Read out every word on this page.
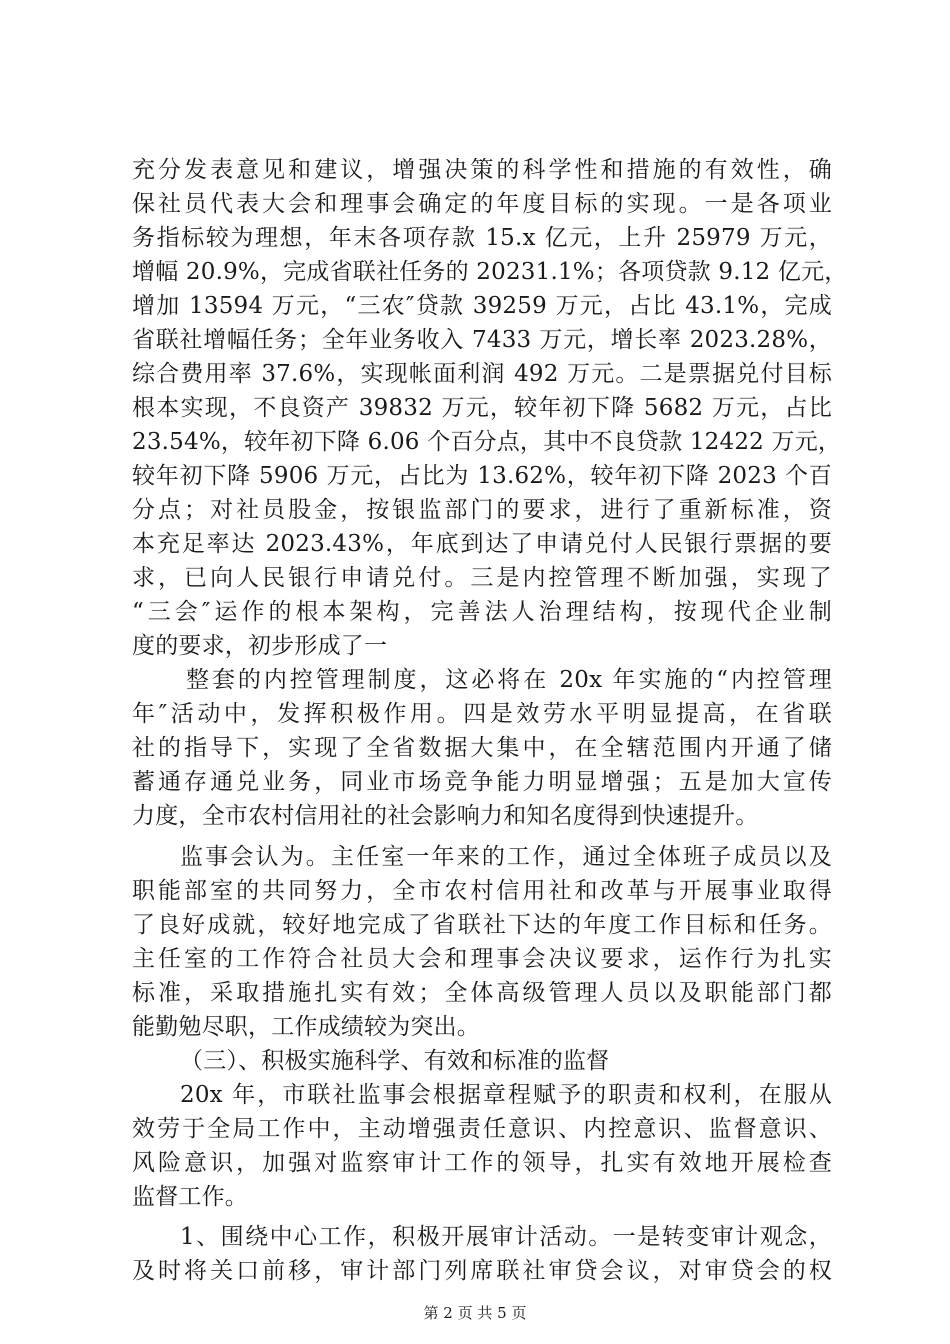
充分发表意见和建议，增强决策的科学性和措施的有效性，确
保社员代表大会和理事会确定的年度目标的实现。一是各项业
务指标较为理想，年末各项存款 15.x 亿元，上升 25979 万元，
增幅 20.9%，完成省联社任务的 20231.1%；各项贷款 9.12 亿元，
增加 13594 万元，“三农″贷款 39259 万元，占比 43.1%，完成
省联社增幅任务；全年业务收入 7433 万元，增长率 2023.28%，
综合费用率 37.6%，实现帐面利润 492 万元。二是票据兑付目标
根本实现，不良资产 39832 万元，较年初下降 5682 万元，占比
23.54%，较年初下降 6.06 个百分点，其中不良贷款 12422 万元，
较年初下降 5906 万元，占比为 13.62%，较年初下降 2023 个百
分点；对社员股金，按银监部门的要求，进行了重新标准，资
本充足率达 2023.43%，年底到达了申请兑付人民银行票据的要
求，已向人民银行申请兑付。三是内控管理不断加强，实现了
“三会″运作的根本架构，完善法人治理结构，按现代企业制
度的要求，初步形成了一
整套的内控管理制度，这必将在 20x 年实施的“内控管理
年″活动中，发挥积极作用。四是效劳水平明显提高，在省联
社的指导下，实现了全省数据大集中，在全辖范围内开通了储
蓄通存通兑业务，同业市场竞争能力明显增强；五是加大宣传
力度，全市农村信用社的社会影响力和知名度得到快速提升。
监事会认为。主任室一年来的工作，通过全体班子成员以及
职能部室的共同努力，全市农村信用社和改革与开展事业取得
了良好成就，较好地完成了省联社下达的年度工作目标和任务。
主任室的工作符合社员大会和理事会决议要求，运作行为扎实
标准，采取措施扎实有效；全体高级管理人员以及职能部门都
能勤勉尽职，工作成绩较为突出。
（三）、积极实施科学、有效和标准的监督
20x 年，市联社监事会根据章程赋予的职责和权利，在服从
效劳于全局工作中，主动增强责任意识、内控意识、监督意识、
风险意识，加强对监察审计工作的领导，扎实有效地开展检查
监督工作。
1、围绕中心工作，积极开展审计活动。一是转变审计观念，
及时将关口前移，审计部门列席联社审贷会议，对审贷会的权
第 2 页 共 5 页
